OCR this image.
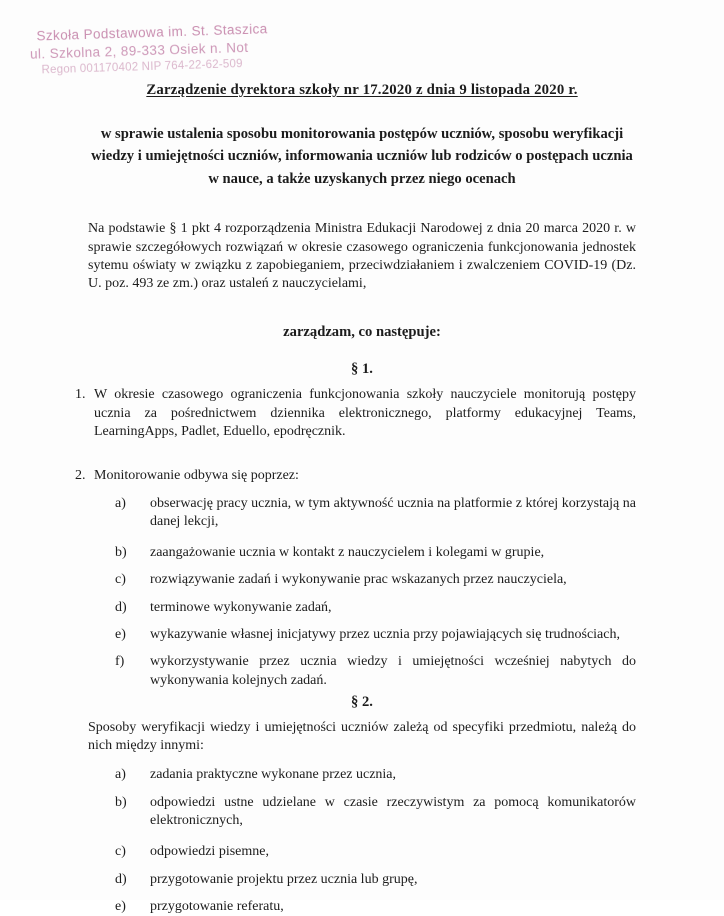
Szkoła Podstawowa im. St. Staszica
ul. Szkolna 2, 89-333 Osiek n. Not
Regon 001170402 NIP 764-22-62-509
Zarządzenie dyrektora szkoły nr 17.2020 z dnia 9 listopada 2020 r.
w sprawie ustalenia sposobu monitorowania postępów uczniów, sposobu weryfikacji wiedzy i umiejętności uczniów, informowania uczniów lub rodziców o postępach ucznia w nauce, a także uzyskanych przez niego ocenach

Na podstawie § 1 pkt 4 rozporządzenia Ministra Edukacji Narodowej z dnia 20 marca 2020 r. w sprawie szczegółowych rozwiązań w okresie czasowego ograniczenia funkcjonowania jednostek sytemu oświaty w związku z zapobieganiem, przeciwdziałaniem i zwalczeniem COVID-19 (Dz. U. poz. 493 ze zm.) oraz ustaleń z nauczycielami,

zarządzam, co następuje:

§ 1.

1. W okresie czasowego ograniczenia funkcjonowania szkoły nauczyciele monitorują postępy ucznia za pośrednictwem dziennika elektronicznego, platformy edukacyjnej Teams, LearningApps, Padlet, Eduello, epodręcznik.
2. Monitorowanie odbywa się poprzez:
a)	obserwację pracy ucznia, w tym aktywność ucznia na platformie z której korzystają na danej lekcji,
b)	zaangażowanie ucznia w kontakt z nauczycielem i kolegami w grupie,
c)	rozwiązywanie zadań i wykonywanie prac wskazanych przez nauczyciela,
d)	terminowe wykonywanie zadań,
e)	wykazywanie własnej inicjatywy przez ucznia przy pojawiających się trudnościach,
f)	wykorzystywanie przez ucznia wiedzy i umiejętności wcześniej nabytych do wykonywania kolejnych zadań.

§ 2.

Sposoby weryfikacji wiedzy i umiejętności uczniów zależą od specyfiki przedmiotu, należą do nich między innymi:

a)	zadania praktyczne wykonane przez ucznia,
b)	odpowiedzi ustne udzielane w czasie rzeczywistym za pomocą komunikatorów elektronicznych,
c)	odpowiedzi pisemne,
d)	przygotowanie projektu przez ucznia lub grupę,
e)	przygotowanie referatu,
